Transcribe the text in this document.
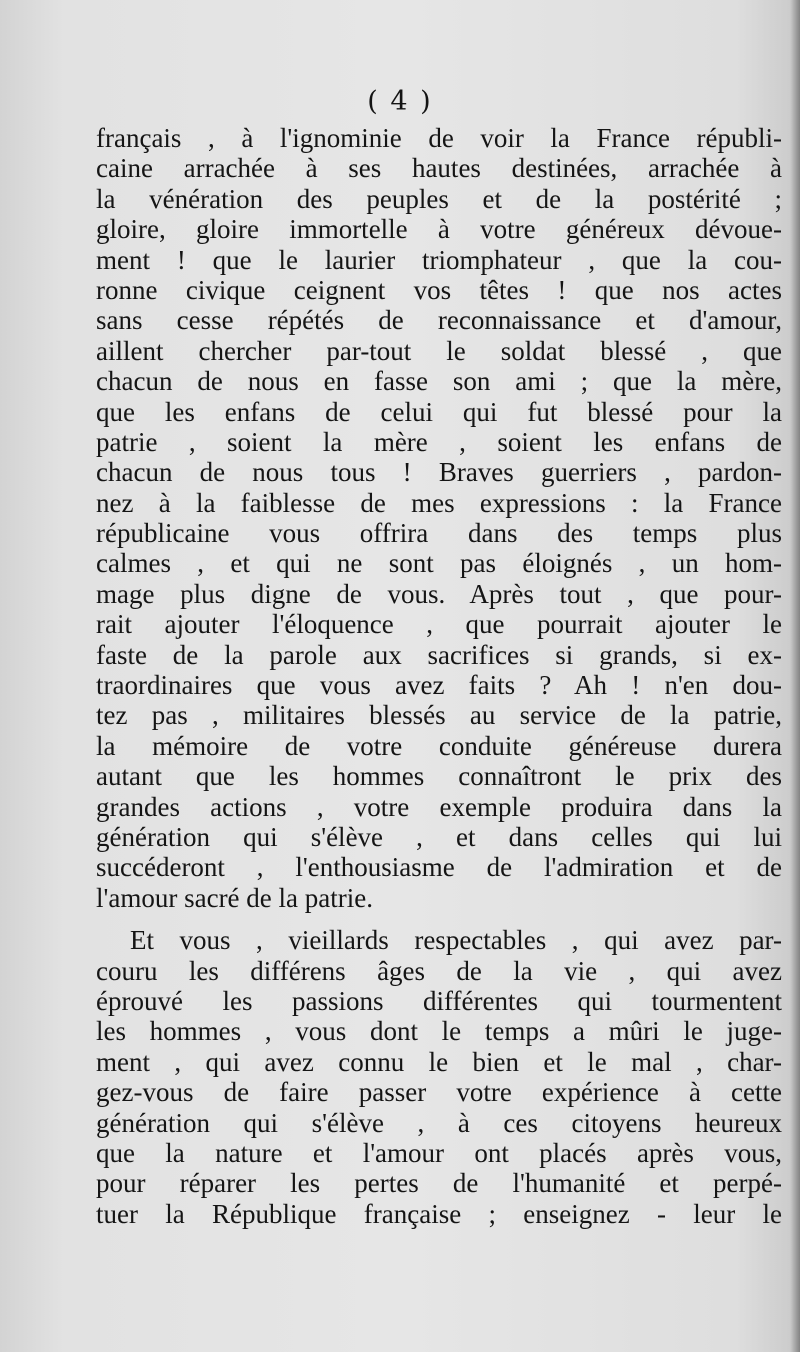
( 4 )
français , à l'ignominie de voir la France républi-
caine arrachée à ses hautes destinées, arrachée à
la vénération des peuples et de la postérité ;
gloire, gloire immortelle à votre généreux dévoue-
ment ! que le laurier triomphateur , que la cou-
ronne civique ceignent vos têtes ! que nos actes
sans cesse répétés de reconnaissance et d'amour,
aillent chercher par-tout le soldat blessé , que
chacun de nous en fasse son ami ; que la mère,
que les enfans de celui qui fut blessé pour la
patrie , soient la mère , soient les enfans de
chacun de nous tous ! Braves guerriers , pardon-
nez à la faiblesse de mes expressions : la France
républicaine vous offrira dans des temps plus
calmes , et qui ne sont pas éloignés , un hom-
mage plus digne de vous. Après tout , que pour-
rait ajouter l'éloquence , que pourrait ajouter le
faste de la parole aux sacrifices si grands, si ex-
traordinaires que vous avez faits ? Ah ! n'en dou-
tez pas , militaires blessés au service de la patrie,
la mémoire de votre conduite généreuse durera
autant que les hommes connaîtront le prix des
grandes actions , votre exemple produira dans la
génération qui s'élève , et dans celles qui lui
succéderont , l'enthousiasme de l'admiration et de
l'amour sacré de la patrie.
Et vous , vieillards respectables , qui avez par-
couru les différens âges de la vie , qui avez
éprouvé les passions différentes qui tourmentent
les hommes , vous dont le temps a mûri le juge-
ment , qui avez connu le bien et le mal , char-
gez-vous de faire passer votre expérience à cette
génération qui s'élève , à ces citoyens heureux
que la nature et l'amour ont placés après vous,
pour réparer les pertes de l'humanité et perpé-
tuer la République française ; enseignez - leur le
